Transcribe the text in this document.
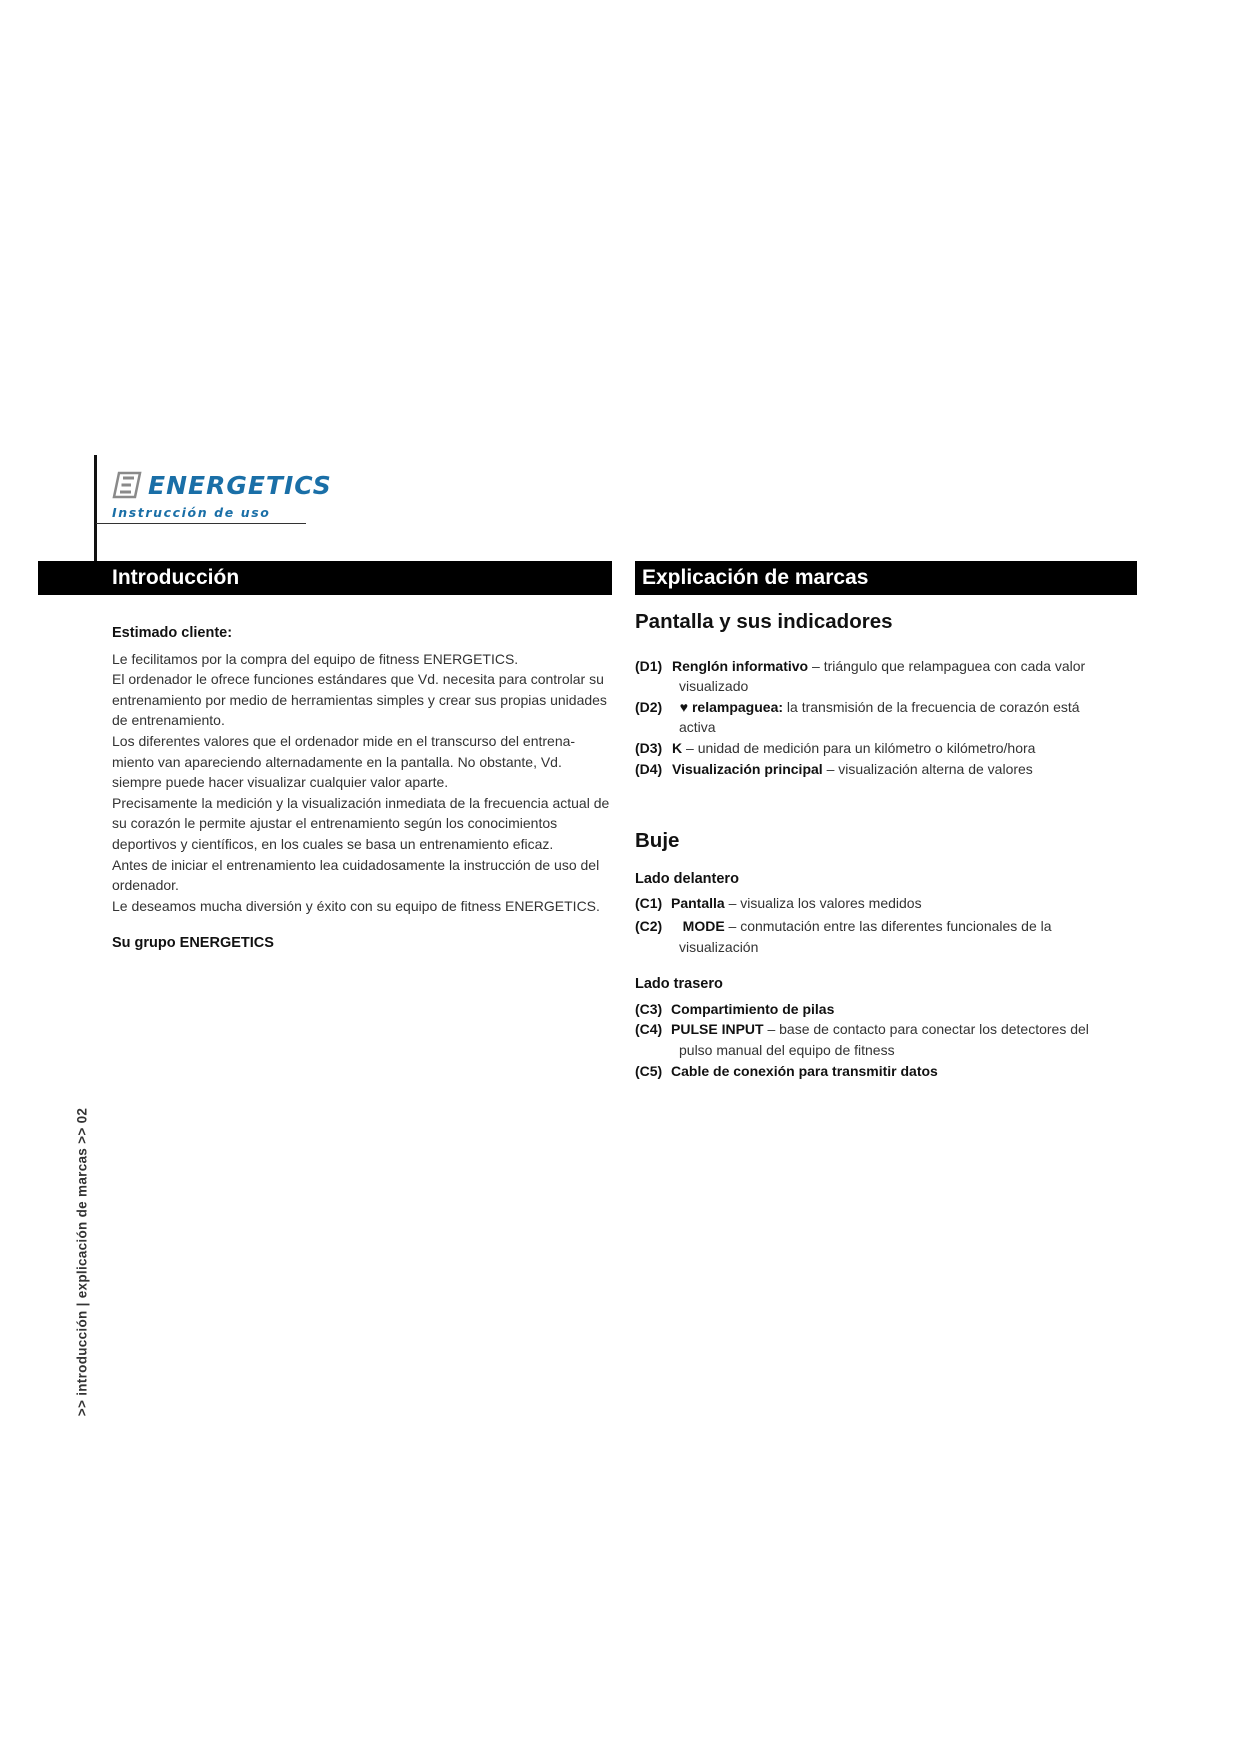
ENERGETICS
Instrucción de uso
Introducción	Explicación de marcas

Estimado cliente:

Le fecilitamos por la compra del equipo de fitness ENERGETICS.

El ordenador le ofrece funciones estándares que Vd. necesita para controlar su entrenamiento por medio de herramientas simples y crear sus propias unidades de entrenamiento.

Los diferentes valores que el ordenador mide en el transcurso del entrena- miento van apareciendo alternadamente en la pantalla. No obstante, Vd. siempre puede hacer visualizar cualquier valor aparte.

Precisamente la medición y la visualización inmediata de la frecuencia actual de su corazón le permite ajustar el entrenamiento según los conocimientos deportivos y científicos, en los cuales se basa un entrenamiento eficaz.

Antes de iniciar el entrenamiento lea cuidadosamente la instrucción de uso del ordenador.

Le deseamos mucha diversión y éxito con su equipo de fitness ENERGETICS.

Su grupo ENERGETICS

Pantalla y sus indicadores

(D1) Renglón informativo – triángulo que relampaguea con cada valor
visualizado
(D2)	♥ relampaguea: la transmisión de la frecuencia de corazón está
activa
(D3) K – unidad de medición para un kilómetro o kilómetro/hora
(D4) Visualización principal – visualización alterna de valores

Buje

Lado delantero

(C1) Pantalla – visualiza los valores medidos
(C2)	MODE – conmutación entre las diferentes funcionales de la
visualización

Lado trasero

(C3) Compartimiento de pilas
(C4) PULSE INPUT – base de contacto para conectar los detectores del
pulso manual del equipo de fitness
(C5) Cable de conexión para transmitir datos
>> introducción | explicación de marcas >> 02
